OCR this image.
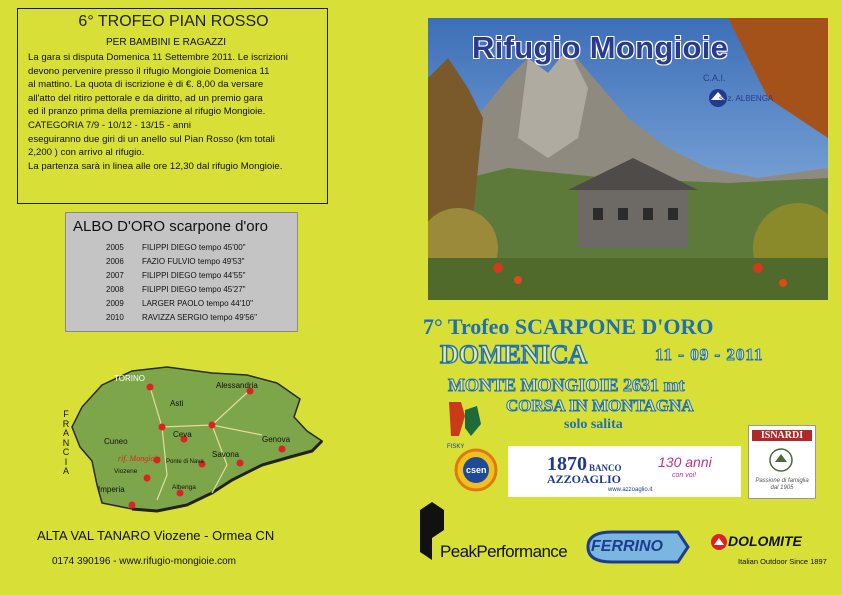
6° TROFEO PIAN ROSSO
PER BAMBINI E RAGAZZI

La gara si disputa Domenica 11 Settembre 2011. Le iscrizioni

devono pervenire presso il rifugio Mongioie Domenica 11

al mattino. La quota di iscrizione è di €. 8,00 da versare

all'atto del ritiro pettorale e da diritto, ad un premio gara

ed il pranzo prima della premiazione al rifugio Mongioie.

CATEGORIA 7/9 - 10/12 - 13/15 - anni

eseguiranno due giri di un anello sul Pian Rosso (km totali

2,200 ) con arrivo al rifugio.

La partenza sarà in linea alle ore 12,30 dal rifugio Mongioie.

ALBO D'ORO scarpone d'oro
2005 FILIPPI DIEGO tempo 45'00"
2006 FAZIO FULVIO tempo 49'53"
2007 FILIPPI DIEGO tempo 44'55"
2008 FILIPPI DIEGO tempo 45'27"
2009 LARGER PAOLO tempo 44'10"
2010 RAVIZZA SERGIO tempo 49'56''
TORINO
Asti
Alessandria
Cuneo
rif. Mongioie
Viozene
Ponte di Nava
Ceva
Savona
Genova
Imperia	Albenga
FRANCIA
ALTA VAL TANARO Viozene - Ormea CN
0174 390196 - www.rifugio-mongioie.com
Rifugio Mongioie
C.A.I.
sez. ALBENGA
7° Trofeo SCARPONE D'ORO
DOMENICA	11 - 09 - 2011
MONTE MONGIOIE 2631 mt
CORSA IN MONTAGNA
solo salita
FISKY
csen	1870 BANCO
AZZOAGLIO
130 anni
con voi!
www.azzoaglio.it
ISNARDI
Passione di famiglia dal 1905
PeakPerformance FERRINO	DOLOMITE
Italian Outdoor Since 1897
